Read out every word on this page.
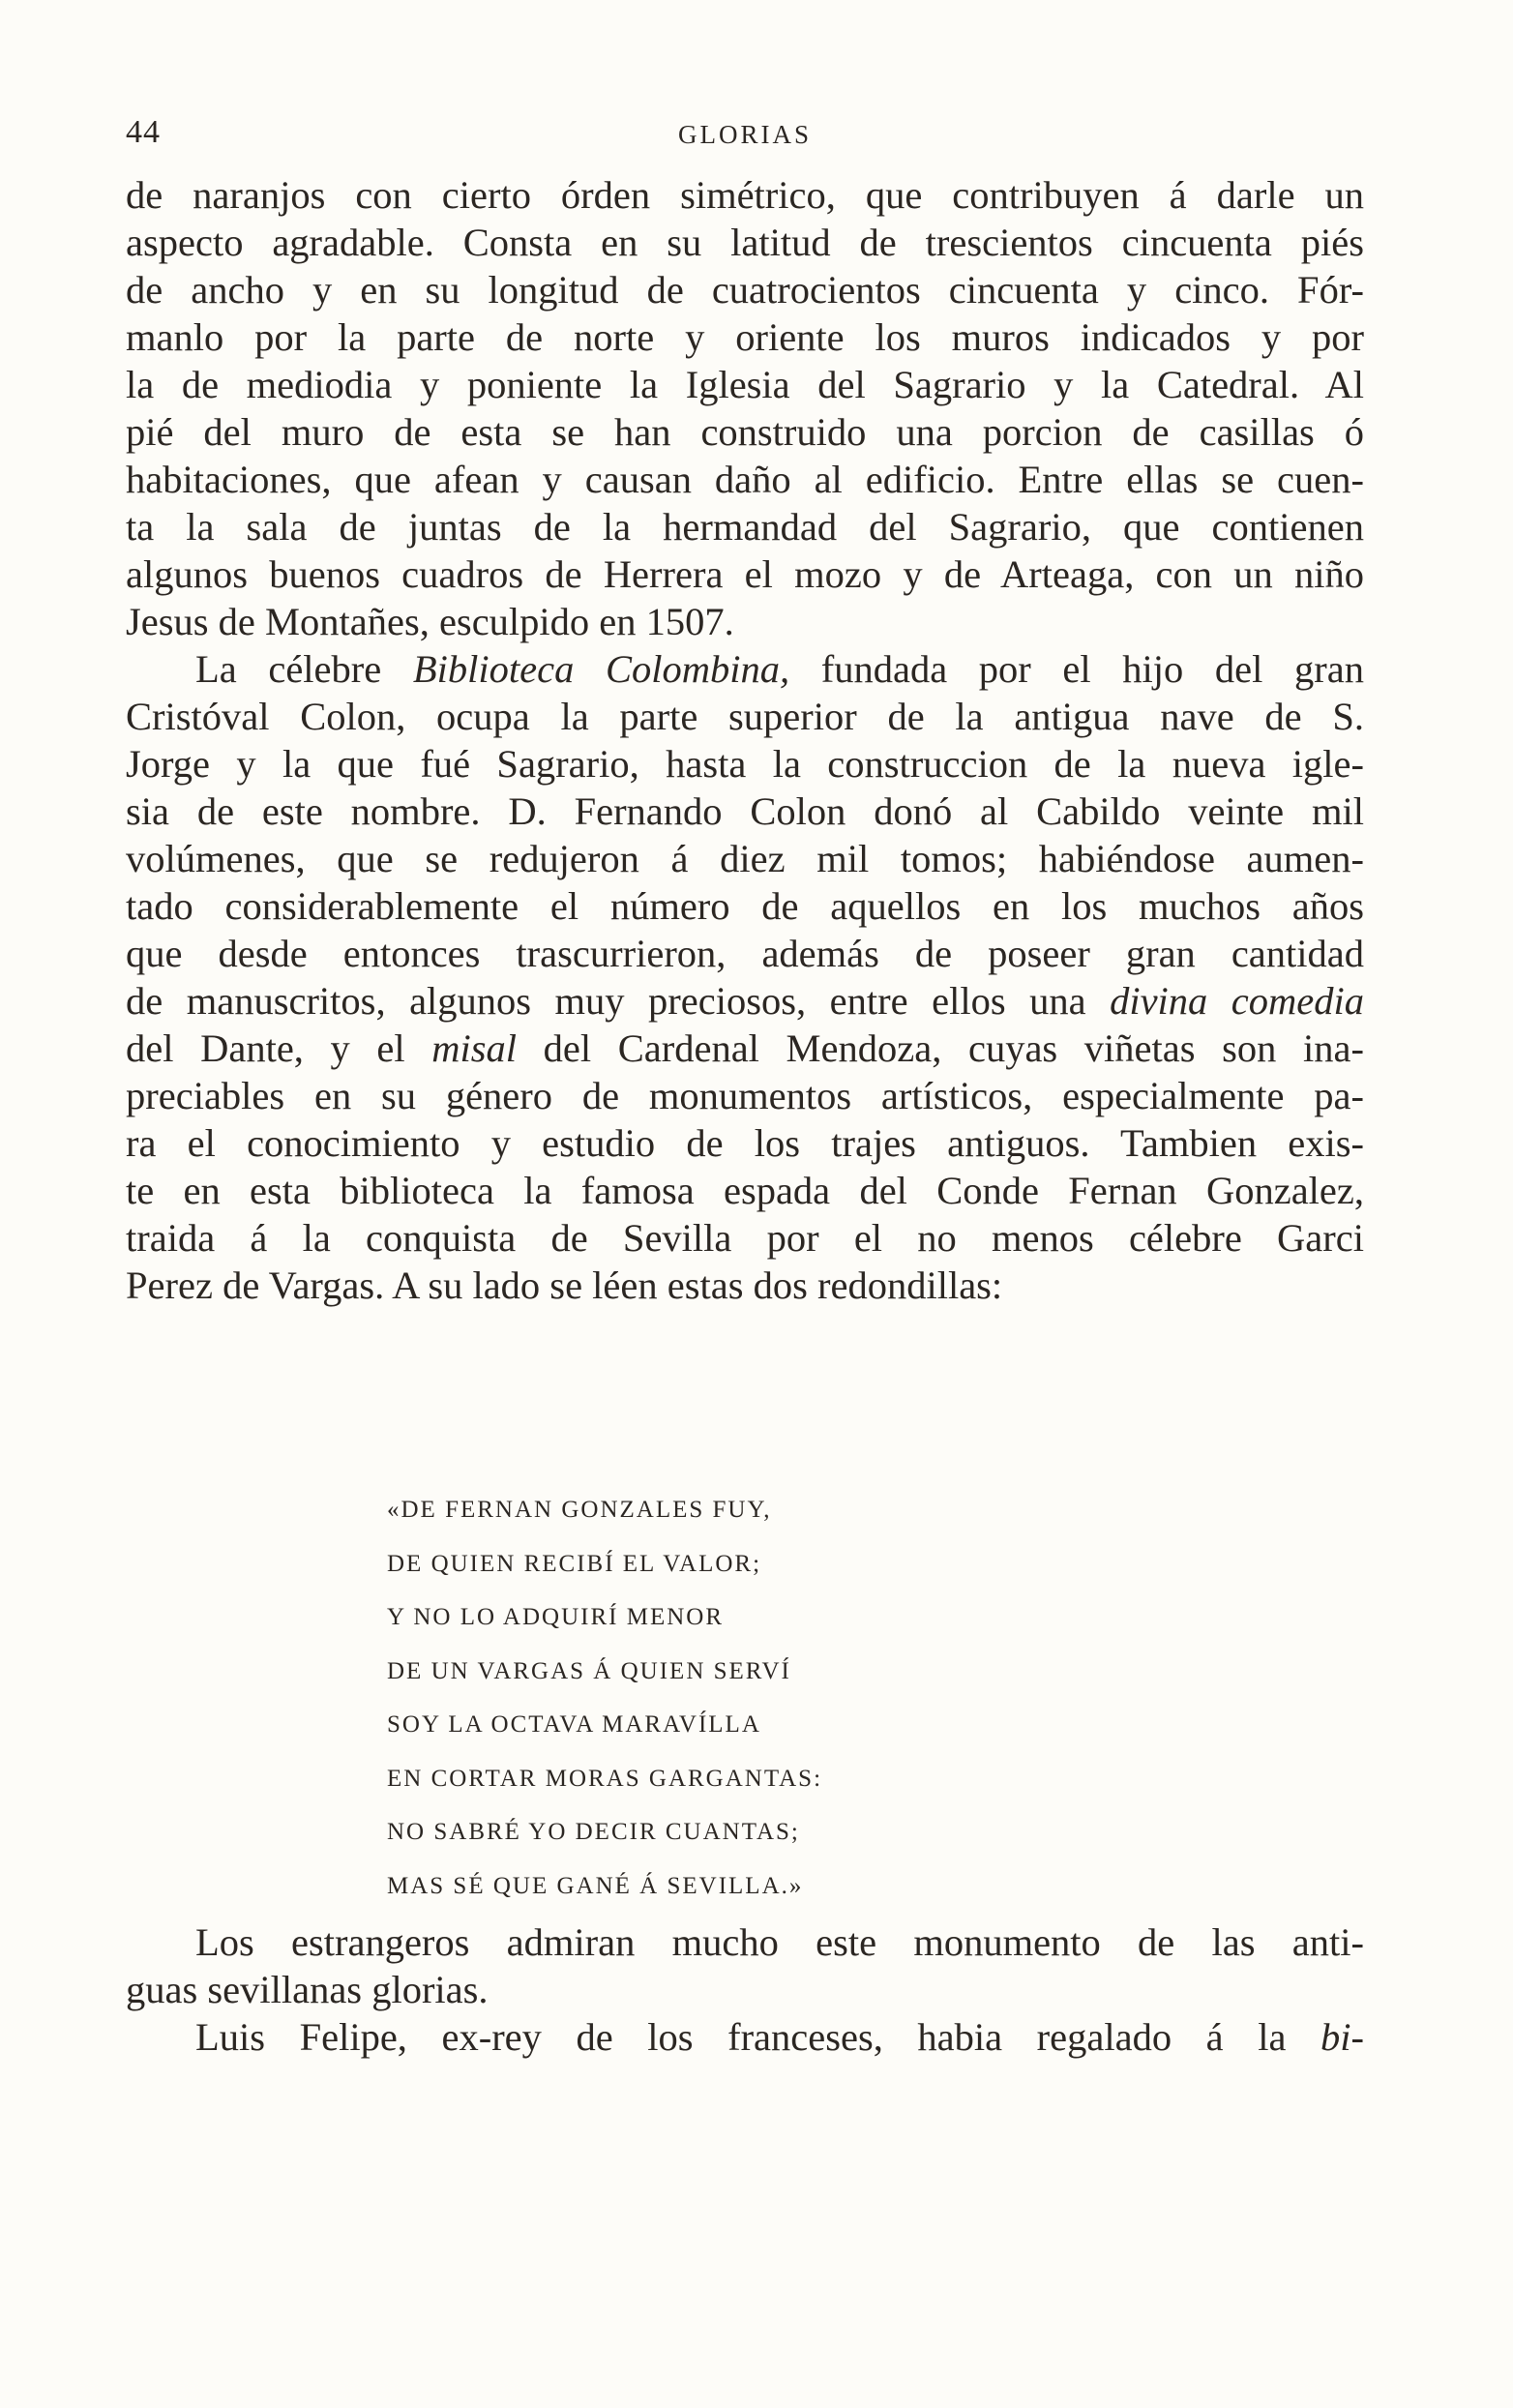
44	GLORIAS
de naranjos con cierto órden simétrico, que contribuyen á darle un
aspecto agradable. Consta en su latitud de trescientos cincuenta piés
de ancho y en su longitud de cuatrocientos cincuenta y cinco. Fór-
manlo por la parte de norte y oriente los muros indicados y por
la de mediodia y poniente la Iglesia del Sagrario y la Catedral. Al
pié del muro de esta se han construido una porcion de casillas ó
habitaciones, que afean y causan daño al edificio. Entre ellas se cuen-
ta la sala de juntas de la hermandad del Sagrario, que contienen
algunos buenos cuadros de Herrera el mozo y de Arteaga, con un niño
Jesus de Montañes, esculpido en 1507.
La célebre Biblioteca Colombina, fundada por el hijo del gran
Cristóval Colon, ocupa la parte superior de la antigua nave de S.
Jorge y la que fué Sagrario, hasta la construccion de la nueva igle-
sia de este nombre. D. Fernando Colon donó al Cabildo veinte mil
volúmenes, que se redujeron á diez mil tomos; habiéndose aumen-
tado considerablemente el número de aquellos en los muchos años
que desde entonces trascurrieron, además de poseer gran cantidad
de manuscritos, algunos muy preciosos, entre ellos una divina comedia
del Dante, y el misal del Cardenal Mendoza, cuyas viñetas son ina-
preciables en su género de monumentos artísticos, especialmente pa-
ra el conocimiento y estudio de los trajes antiguos. Tambien exis-
te en esta biblioteca la famosa espada del Conde Fernan Gonzalez,
traida á la conquista de Sevilla por el no menos célebre Garci
Perez de Vargas. A su lado se léen estas dos redondillas:
«DE FERNAN GONZALES FUY,
DE QUIEN RECIBÍ EL VALOR;
Y NO LO ADQUIRÍ MENOR
DE UN VARGAS Á QUIEN SERVÍ
SOY LA OCTAVA MARAVÍLLA
EN CORTAR MORAS GARGANTAS:
NO SABRÉ YO DECIR CUANTAS;
MAS SÉ QUE GANÉ Á SEVILLA.»
Los estrangeros admiran mucho este monumento de las anti-
guas sevillanas glorias.
Luis Felipe, ex-rey de los franceses, habia regalado á la bi-
